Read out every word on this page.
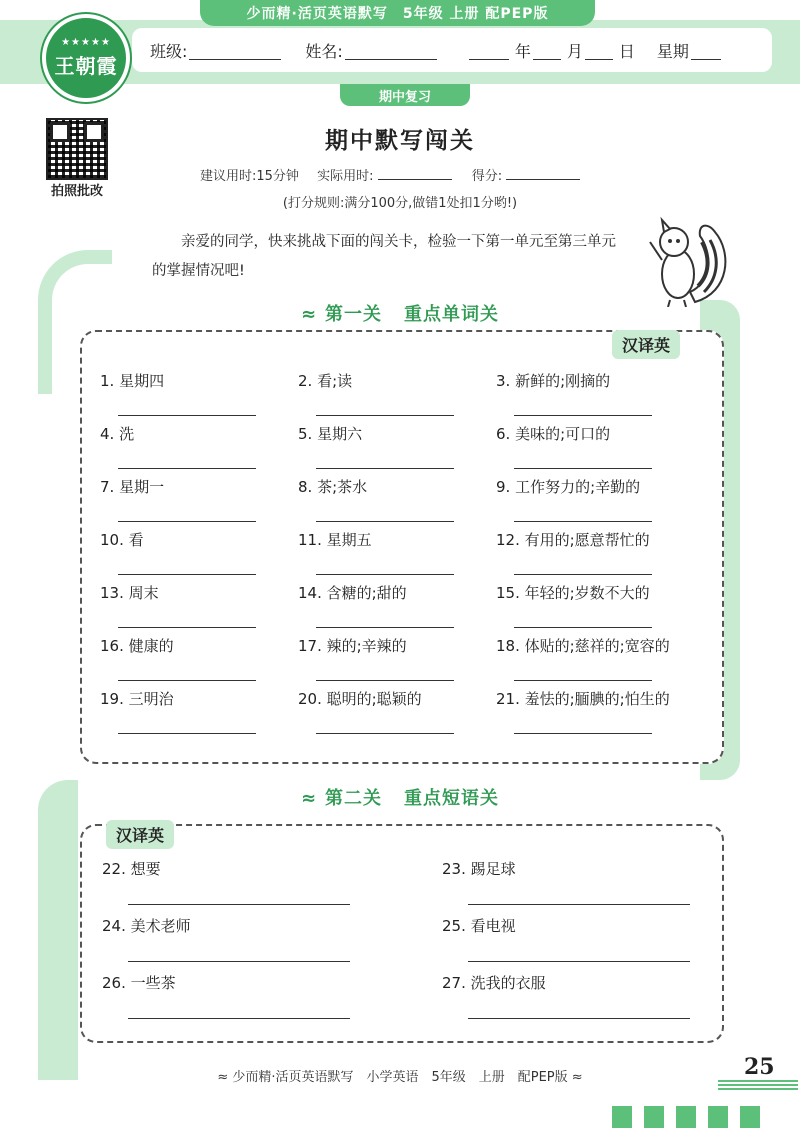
少而精·活页英语默写　5年级 上册 配PEP版
★★★★★
王朝霞
班级:	姓名:	年 月 日 星期
期中复习
拍照批改
期中默写闯关
建议用时:15分钟 实际用时:	得分:
(打分规则:满分100分,做错1处扣1分哟!)
亲爱的同学，快来挑战下面的闯关卡，检验一下第一单元至第三单元的掌握情况吧!
≈ 第一关 重点单词关
汉译英
1. 星期四	2. 看;读	3. 新鲜的;刚摘的
4. 洗	5. 星期六	6. 美味的;可口的
7. 星期一	8. 茶;茶水	9. 工作努力的;辛勤的
10. 看	11. 星期五	12. 有用的;愿意帮忙的
13. 周末	14. 含糖的;甜的	15. 年轻的;岁数不大的
16. 健康的	17. 辣的;辛辣的	18. 体贴的;慈祥的;宽容的
19. 三明治	20. 聪明的;聪颖的	21. 羞怯的;腼腆的;怕生的
≈ 第二关 重点短语关
汉译英
22. 想要	23. 踢足球
24. 美术老师	25. 看电视
26. 一些茶	27. 洗我的衣服
≈ 少而精·活页英语默写　小学英语　5年级　上册　配PEP版 ≈	25
